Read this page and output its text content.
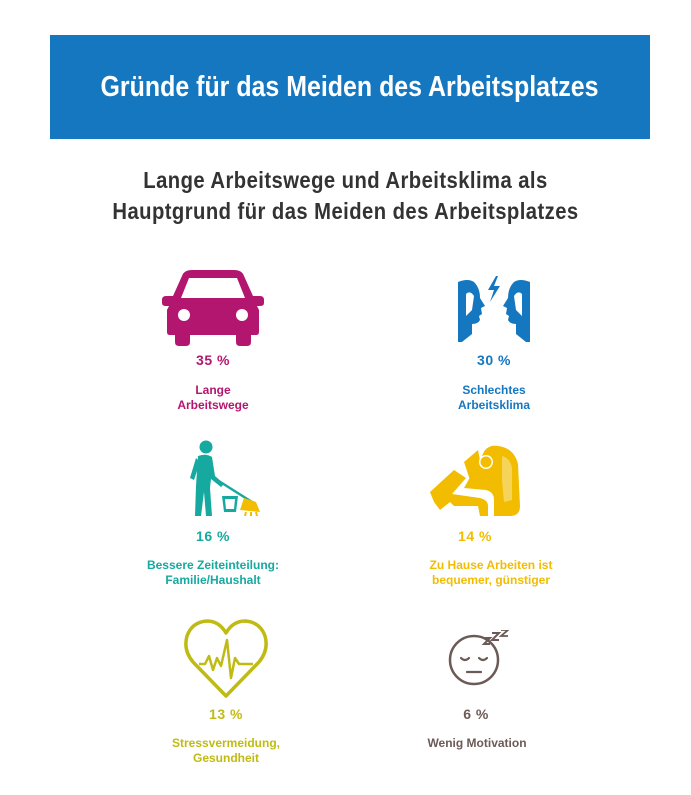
Gründe für das Meiden des Arbeitsplatzes
Lange Arbeitswege und Arbeitsklima als
Hauptgrund für das Meiden des Arbeitsplatzes
35 %
Lange
Arbeitswege
30 %
Schlechtes
Arbeitsklima
16 %
Bessere Zeiteinteilung:
Familie/Haushalt
14 %
Zu Hause Arbeiten ist
bequemer, günstiger
13 %
Stressvermeidung,
Gesundheit
6 %
Wenig Motivation
